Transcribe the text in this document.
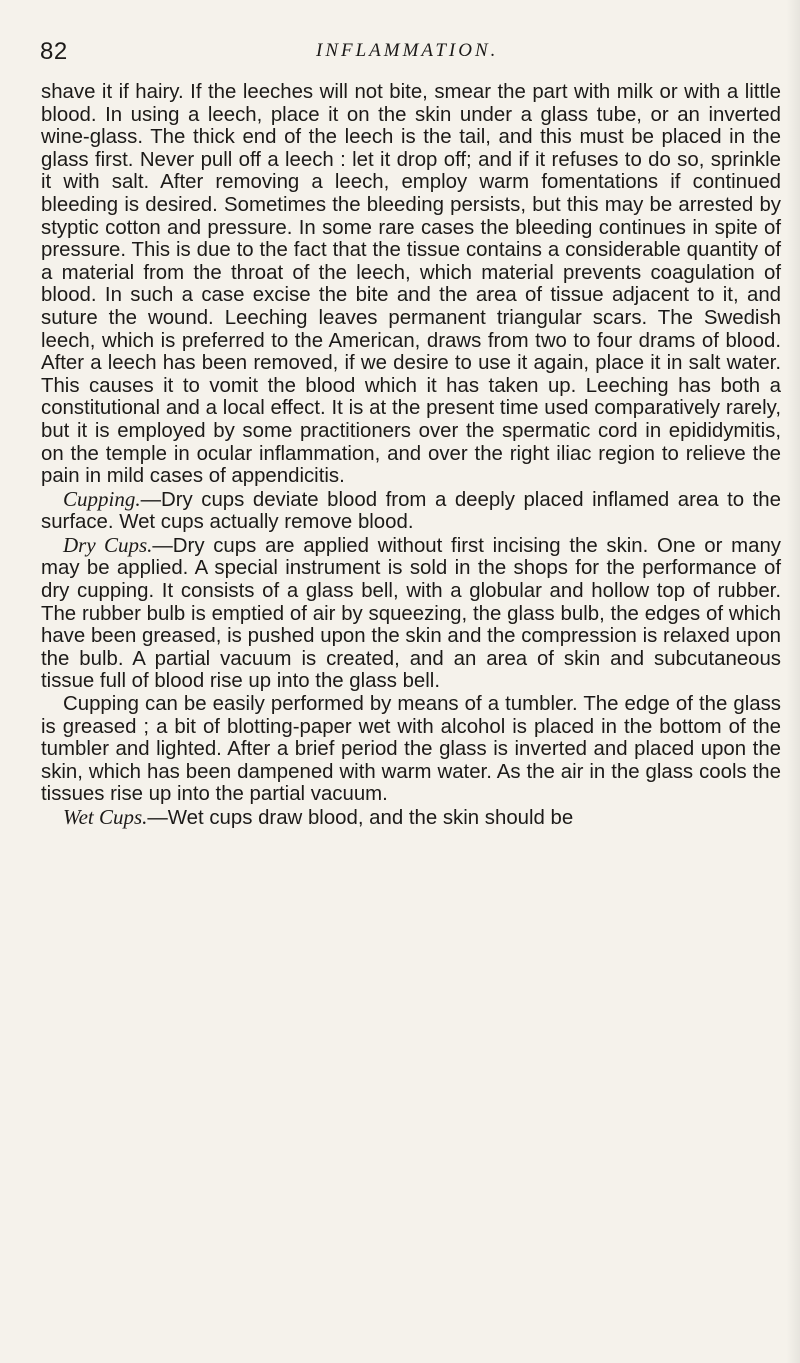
82	INFLAMMATION.

shave it if hairy. If the leeches will not bite, smear the part with milk or with a little blood. In using a leech, place it on the skin under a glass tube, or an inverted wine-glass. The thick end of the leech is the tail, and this must be placed in the glass first. Never pull off a leech : let it drop off; and if it refuses to do so, sprinkle it with salt. After removing a leech, employ warm fomentations if continued bleeding is desired. Sometimes the bleeding persists, but this may be arrested by styptic cotton and pressure. In some rare cases the bleeding continues in spite of pressure. This is due to the fact that the tissue contains a considerable quantity of a material from the throat of the leech, which material prevents coagulation of blood. In such a case excise the bite and the area of tissue adjacent to it, and suture the wound. Leeching leaves permanent triangular scars. The Swedish leech, which is preferred to the American, draws from two to four drams of blood. After a leech has been removed, if we desire to use it again, place it in salt water. This causes it to vomit the blood which it has taken up. Leeching has both a constitutional and a local effect. It is at the present time used comparatively rarely, but it is employed by some practitioners over the spermatic cord in epididymitis, on the temple in ocular inflammation, and over the right iliac region to relieve the pain in mild cases of appendicitis.

Cupping.—Dry cups deviate blood from a deeply placed inflamed area to the surface. Wet cups actually remove blood.

Dry Cups.—Dry cups are applied without first incising the skin. One or many may be applied. A special instrument is sold in the shops for the performance of dry cupping. It consists of a glass bell, with a globular and hollow top of rubber. The rubber bulb is emptied of air by squeezing, the glass bulb, the edges of which have been greased, is pushed upon the skin and the compression is relaxed upon the bulb. A partial vacuum is created, and an area of skin and subcutaneous tissue full of blood rise up into the glass bell.

Cupping can be easily performed by means of a tumbler. The edge of the glass is greased ; a bit of blotting-paper wet with alcohol is placed in the bottom of the tumbler and lighted. After a brief period the glass is inverted and placed upon the skin, which has been dampened with warm water. As the air in the glass cools the tissues rise up into the partial vacuum.

Wet Cups.—Wet cups draw blood, and the skin should be
